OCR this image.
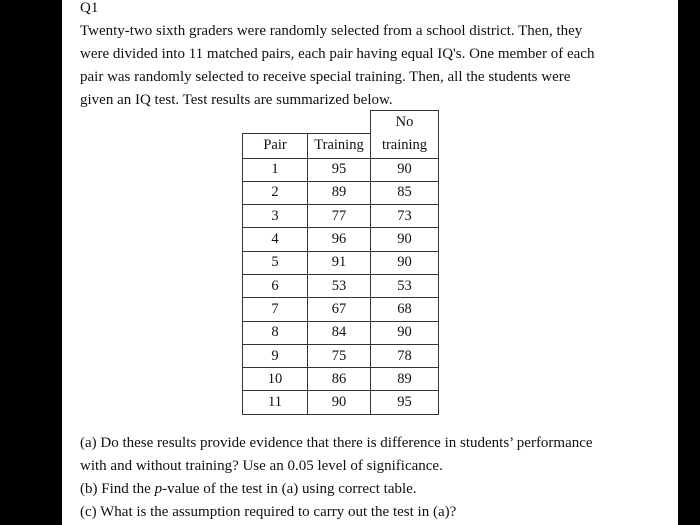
Q1
Twenty-two sixth graders were randomly selected from a school district. Then, they
were divided into 11 matched pairs, each pair having equal IQ's. One member of each
pair was randomly selected to receive special training. Then, all the students were
given an IQ test. Test results are summarized below.
		No
Pair	Training	training
1	95	90
2	89	85
3	77	73
4	96	90
5	91	90
6	53	53
7	67	68
8	84	90
9	75	78
10	86	89
11	90	95
(a) Do these results provide evidence that there is difference in students’ performance
with and without training? Use an 0.05 level of significance.
(b) Find the p-value of the test in (a) using correct table.
(c) What is the assumption required to carry out the test in (a)?
